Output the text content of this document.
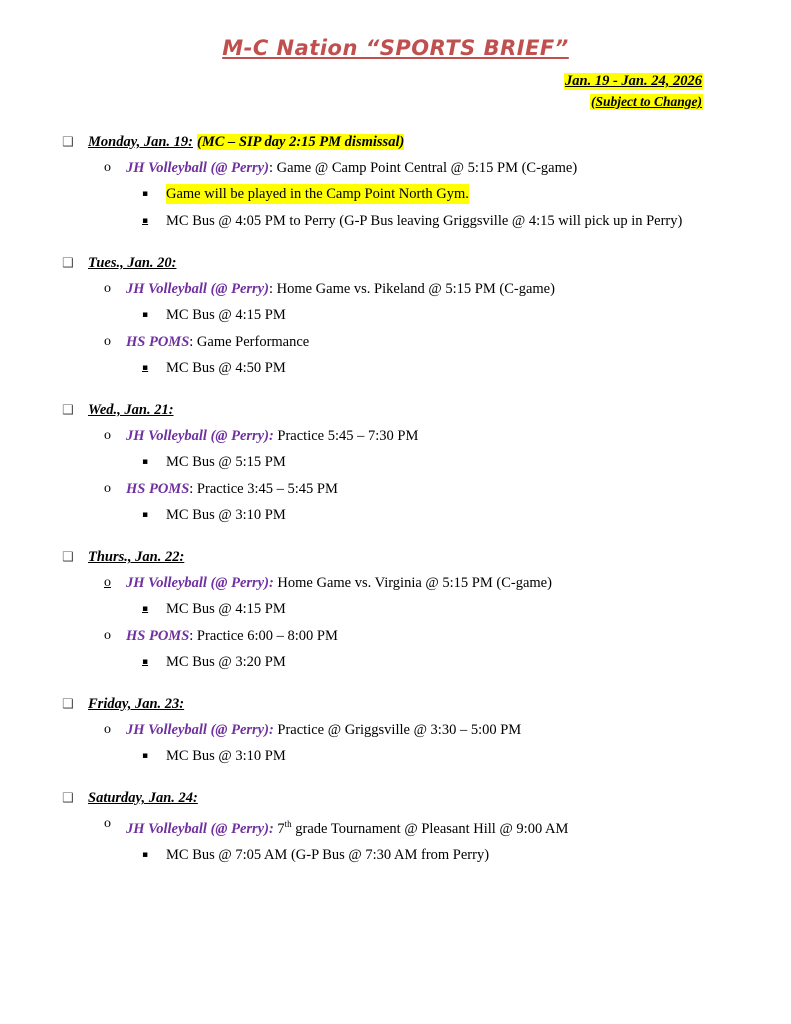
M-C Nation “SPORTS BRIEF”
Jan. 19 - Jan. 24, 2026
(Subject to Change)
❑ Monday, Jan. 19: (MC – SIP day 2:15 PM dismissal)
o	JH Volleyball (@ Perry): Game @ Camp Point Central @ 5:15 PM (C-game)
▪	Game will be played in the Camp Point North Gym.
▪	MC Bus @ 4:05 PM to Perry (G-P Bus leaving Griggsville @ 4:15 will pick up in Perry)
❑ Tues., Jan. 20:
o	JH Volleyball (@ Perry): Home Game vs. Pikeland @ 5:15 PM (C-game)
▪	MC Bus @ 4:15 PM
o	HS POMS: Game Performance
▪	MC Bus @ 4:50 PM
❑ Wed., Jan. 21:
o	JH Volleyball (@ Perry): Practice 5:45 – 7:30 PM
▪	MC Bus @ 5:15 PM
o	HS POMS: Practice 3:45 – 5:45 PM
▪	MC Bus @ 3:10 PM
❑ Thurs., Jan. 22:
o	JH Volleyball (@ Perry): Home Game vs. Virginia @ 5:15 PM (C-game)
▪	MC Bus @ 4:15 PM
o	HS POMS: Practice 6:00 – 8:00 PM
▪	MC Bus @ 3:20 PM
❑ Friday, Jan. 23:
o	JH Volleyball (@ Perry): Practice @ Griggsville @ 3:30 – 5:00 PM
▪	MC Bus @ 3:10 PM
❑ Saturday, Jan. 24:
o	JH Volleyball (@ Perry): 7th grade Tournament @ Pleasant Hill @ 9:00 AM
▪	MC Bus @ 7:05 AM (G-P Bus @ 7:30 AM from Perry)
